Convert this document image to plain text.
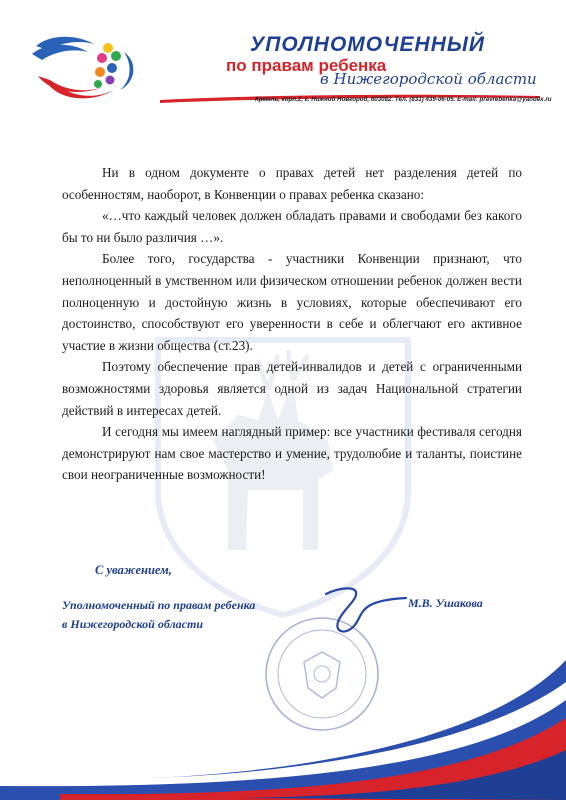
УПОЛНОМОЧЕННЫЙ
по правам ребенка
в Нижегородской области
Кремль, корп.2, г. Нижний Новгород, 603082. Тел. (831) 439-06-05. E-mail: pravrebenka@yandex.ru

Ни в одном документе о правах детей нет разделения детей по особенностям, наоборот, в Конвенции о правах ребенка сказано:

«…что каждый человек должен обладать правами и свободами без какого бы то ни было различия …».

Более того, государства - участники Конвенции признают, что неполноценный в умственном или физическом отношении ребенок должен вести полноценную и достойную жизнь в условиях, которые обеспечивают его достоинство, способствуют его уверенности в себе и облегчают его активное участие в жизни общества (ст.23).

Поэтому обеспечение прав детей-инвалидов и детей с ограниченными возможностями здоровья является одной из задач Национальной стратегии действий в интересах детей.

И сегодня мы имеем наглядный пример: все участники фестиваля сегодня демонстрируют нам свое мастерство и умение, трудолюбие и таланты, поистине свои неограниченные возможности!

С уважением,
Уполномоченный по правам ребенка
в Нижегородской области
М.В. Ушакова
